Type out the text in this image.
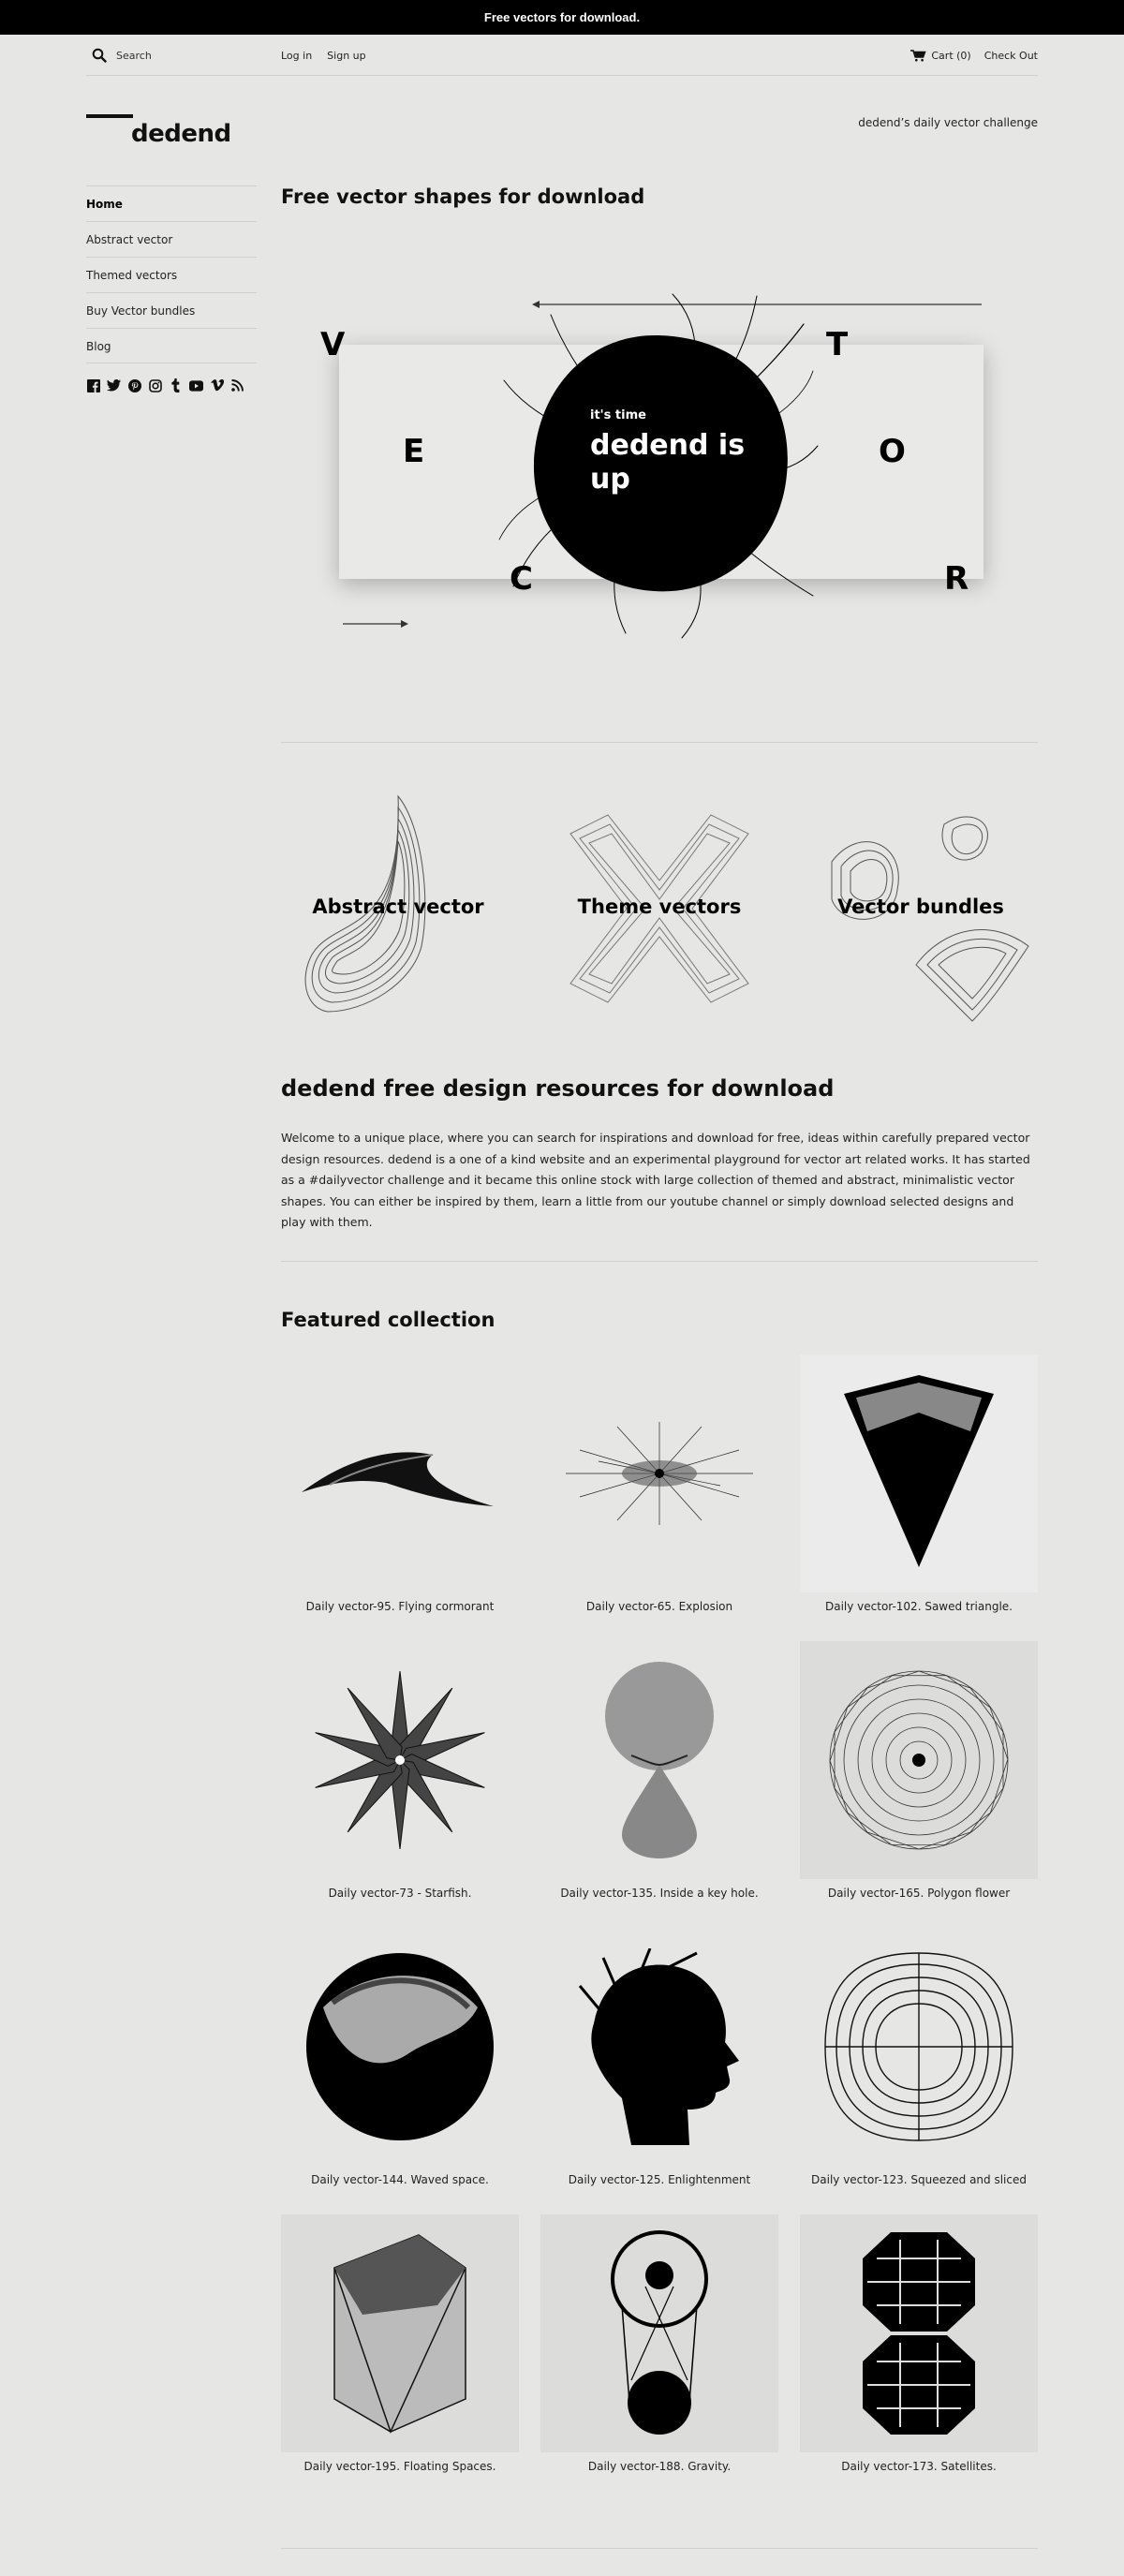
Free vectors for download.
Search
Log in Sign up	Cart (0) Check Out
dedend	dedend’s daily vector challenge
Home
Abstract vector
Themed vectors
Buy Vector bundles
Blog
Free vector shapes for download
V
E
C
T
O
R
it's time
dedend is up
Abstract vector	Theme vectors	Vector bundles
dedend free design resources for download

Welcome to a unique place, where you can search for inspirations and download for free, ideas within carefully prepared vector design resources. dedend is a one of a kind website and an experimental playground for vector art related works. It has started as a #dailyvector challenge and it became this online stock with large collection of themed and abstract, minimalistic vector shapes. You can either be inspired by them, learn a little from our youtube channel or simply download selected designs and play with them.

Featured collection
Daily vector-95. Flying cormorant	Daily vector-65. Explosion	Daily vector-102. Sawed triangle.
Daily vector-73 - Starfish.	Daily vector-135. Inside a key hole.	Daily vector-165. Polygon flower
Daily vector-144. Waved space.	Daily vector-125. Enlightenment	Daily vector-123. Squeezed and sliced
Daily vector-195. Floating Spaces.	Daily vector-188. Gravity.	Daily vector-173. Satellites.
